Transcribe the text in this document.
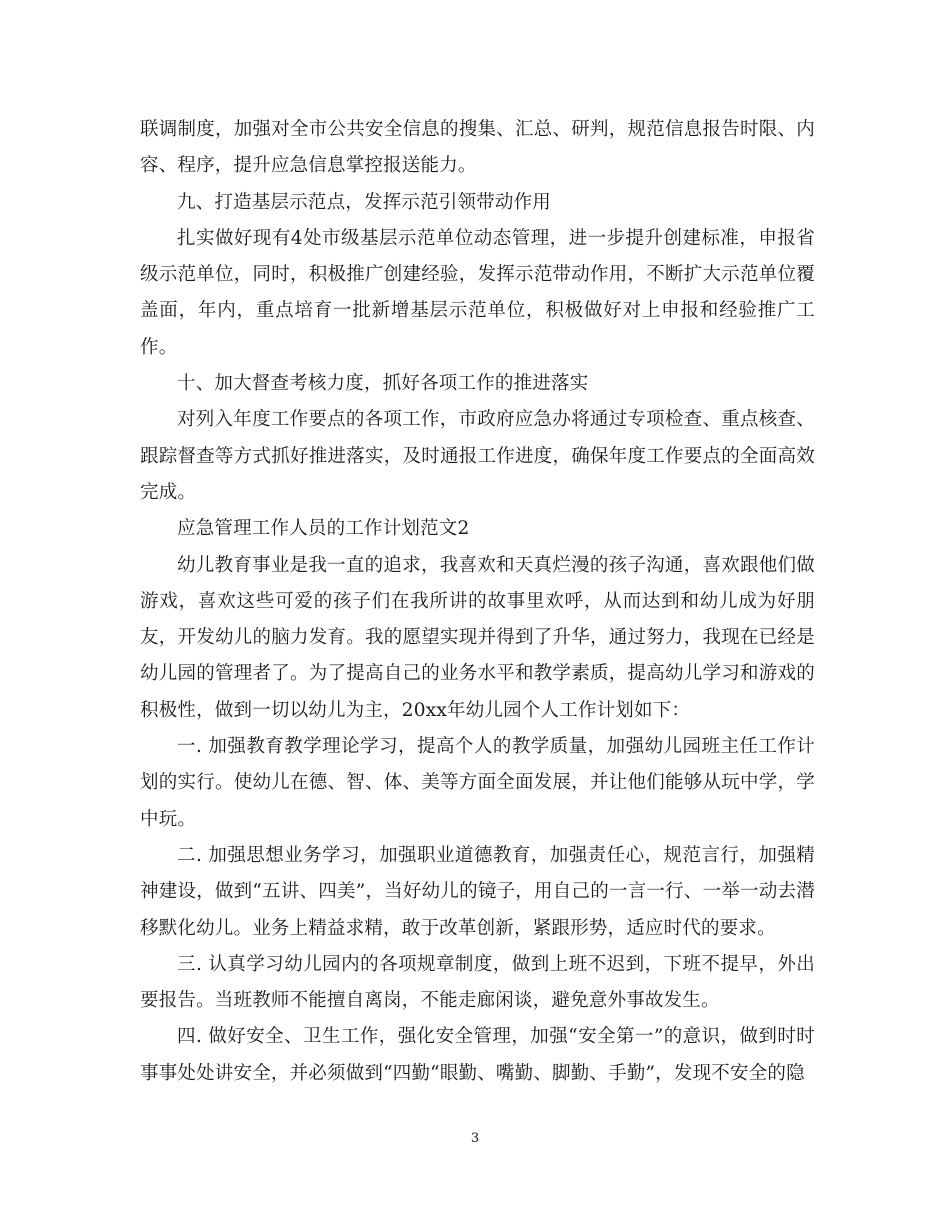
联调制度，加强对全市公共安全信息的搜集、汇总、研判，规范信息报告时限、内容、程序，提升应急信息掌控报送能力。

九、打造基层示范点，发挥示范引领带动作用

扎实做好现有4处市级基层示范单位动态管理，进一步提升创建标准，申报省级示范单位，同时，积极推广创建经验，发挥示范带动作用，不断扩大示范单位覆盖面，年内，重点培育一批新增基层示范单位，积极做好对上申报和经验推广工作。

十、加大督查考核力度，抓好各项工作的推进落实

对列入年度工作要点的各项工作，市政府应急办将通过专项检查、重点核查、跟踪督查等方式抓好推进落实，及时通报工作进度，确保年度工作要点的全面高效完成。

应急管理工作人员的工作计划范文2

幼儿教育事业是我一直的追求，我喜欢和天真烂漫的孩子沟通，喜欢跟他们做游戏，喜欢这些可爱的孩子们在我所讲的故事里欢呼，从而达到和幼儿成为好朋友，开发幼儿的脑力发育。我的愿望实现并得到了升华，通过努力，我现在已经是幼儿园的管理者了。为了提高自己的业务水平和教学素质，提高幼儿学习和游戏的积极性，做到一切以幼儿为主，20xx年幼儿园个人工作计划如下：

一. 加强教育教学理论学习，提高个人的教学质量，加强幼儿园班主任工作计划的实行。使幼儿在德、智、体、美等方面全面发展，并让他们能够从玩中学，学中玩。

二. 加强思想业务学习，加强职业道德教育，加强责任心，规范言行，加强精神建设，做到“五讲、四美”，当好幼儿的镜子，用自己的一言一行、一举一动去潜移默化幼儿。业务上精益求精，敢于改革创新，紧跟形势，适应时代的要求。

三. 认真学习幼儿园内的各项规章制度，做到上班不迟到，下班不提早，外出要报告。当班教师不能擅自离岗，不能走廊闲谈，避免意外事故发生。

四. 做好安全、卫生工作，强化安全管理，加强“安全第一”的意识，做到时时事事处处讲安全，并必须做到“四勤“眼勤、嘴勤、脚勤、手勤”，发现不安全的隐

3
